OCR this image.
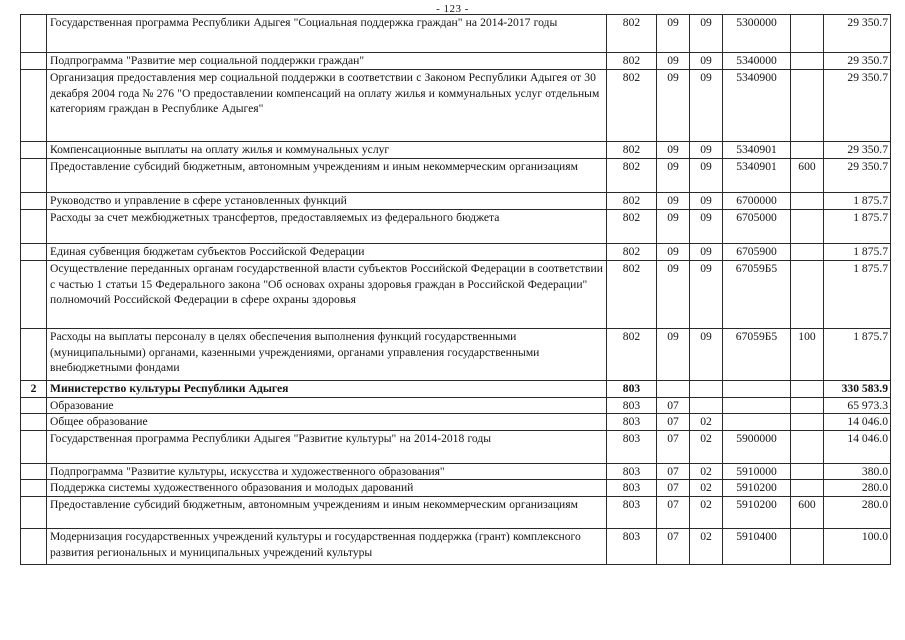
- 123 -
	Государственная программа Республики Адыгея "Социальная поддержка граждан" на 2014-2017 годы	802	09	09	5300000		29 350.7
	Подпрограмма "Развитие мер социальной поддержки граждан"	802	09	09	5340000		29 350.7
	Организация предоставления мер социальной поддержки в соответствии с Законом Республики Адыгея от 30 декабря 2004 года № 276 "О предоставлении компенсаций на оплату жилья и коммунальных услуг отдельным категориям граждан в Республике Адыгея"	802	09	09	5340900		29 350.7
	Компенсационные выплаты на оплату жилья и коммунальных услуг	802	09	09	5340901		29 350.7
	Предоставление субсидий бюджетным, автономным учреждениям и иным некоммерческим организациям	802	09	09	5340901	600	29 350.7
	Руководство и управление в сфере установленных функций	802	09	09	6700000		1 875.7
	Расходы за счет межбюджетных трансфертов, предоставляемых из федерального бюджета	802	09	09	6705000		1 875.7
	Единая субвенция бюджетам субъектов Российской Федерации	802	09	09	6705900		1 875.7
	Осуществление переданных органам государственной власти субъектов Российской Федерации в соответствии с частью 1 статьи 15 Федерального закона "Об основах охраны здоровья граждан в Российской Федерации" полномочий Российской Федерации в сфере охраны здоровья	802	09	09	67059Б5		1 875.7
	Расходы на выплаты персоналу в целях обеспечения выполнения функций государственными (муниципальными) органами, казенными учреждениями, органами управления государственными внебюджетными фондами	802	09	09	67059Б5	100	1 875.7
2	Министерство культуры Республики Адыгея	803					330 583.9
	Образование	803	07				65 973.3
	Общее образование	803	07	02			14 046.0
	Государственная программа Республики Адыгея "Развитие культуры" на 2014-2018 годы	803	07	02	5900000		14 046.0
	Подпрограмма "Развитие культуры, искусства и художественного образования"	803	07	02	5910000		380.0
	Поддержка системы художественного образования и молодых дарований	803	07	02	5910200		280.0
	Предоставление субсидий бюджетным, автономным учреждениям и иным некоммерческим организациям	803	07	02	5910200	600	280.0
	Модернизация государственных учреждений культуры и государственная поддержка (грант) комплексного развития региональных и муниципальных учреждений культуры	803	07	02	5910400		100.0
